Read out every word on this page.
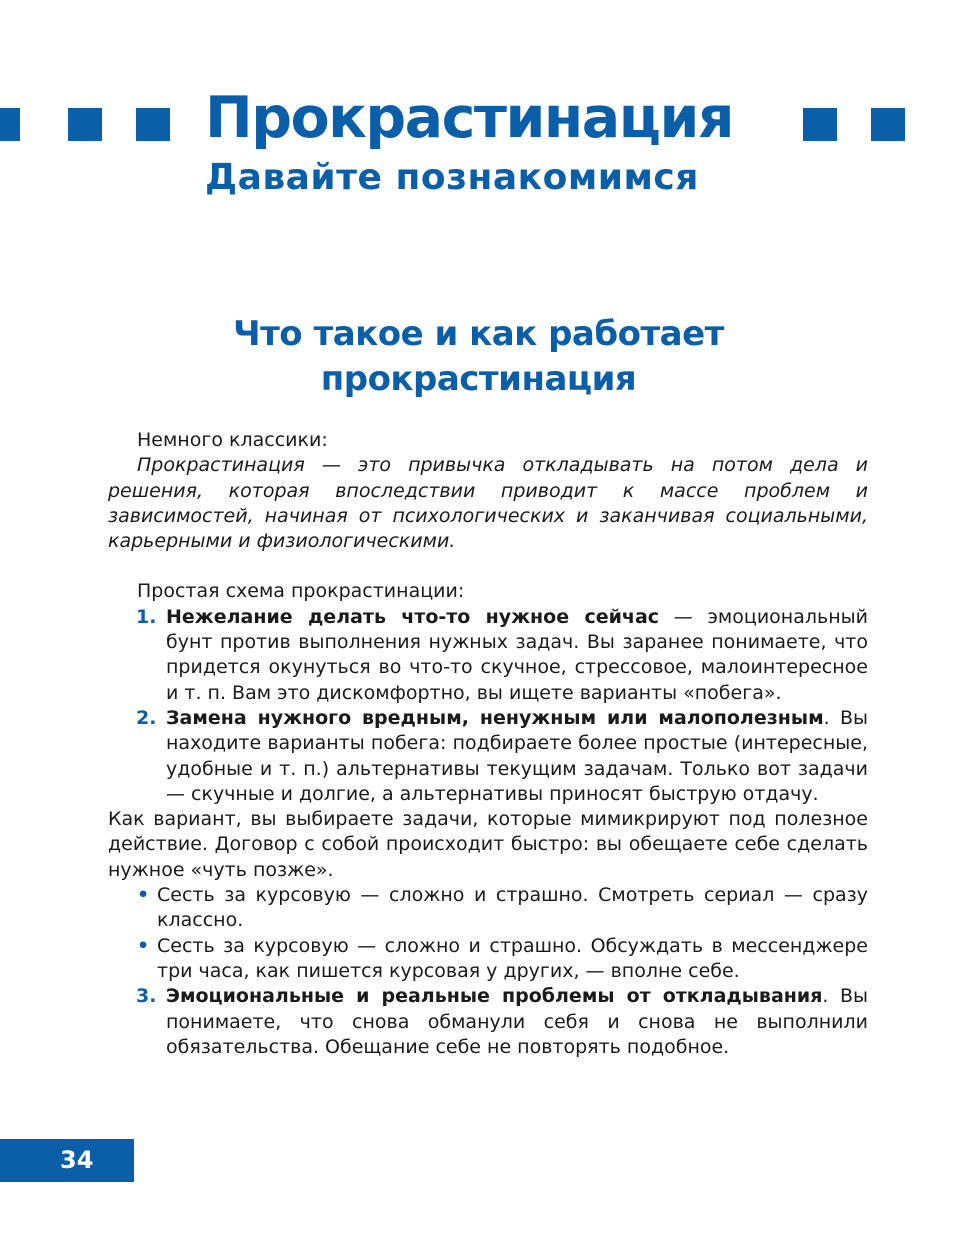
Прокрастинация
Давайте познакомимся
Что такое и как работает прокрастинация

Немного классики:

Прокрастинация — это привычка откладывать на потом дела и решения, которая впоследствии приводит к массе проблем и зависимостей, начиная от психологических и заканчивая социальными, карьерными и физиологическими.

Простая схема прокрастинации:

1. Нежелание делать что-то нужное сейчас — эмоциональный бунт против выполнения нужных задач. Вы заранее понимаете, что придется окунуться во что-то скучное, стрессовое, малоинтересное и т. п. Вам это дискомфортно, вы ищете варианты «побега».
2. Замена нужного вредным, ненужным или малополезным. Вы находите варианты побега: подбираете более простые (интересные, удобные и т. п.) альтернативы текущим задачам. Только вот задачи — скучные и долгие, а альтернативы приносят быструю отдачу.

Как вариант, вы выбираете задачи, которые мимикрируют под полезное действие. Договор с собой происходит быстро: вы обещаете себе сделать нужное «чуть позже».

• Сесть за курсовую — сложно и страшно. Смотреть сериал — сразу классно.
• Сесть за курсовую — сложно и страшно. Обсуждать в мессенджере три часа, как пишется курсовая у других, — вполне себе.
3. Эмоциональные и реальные проблемы от откладывания. Вы понимаете, что снова обманули себя и снова не выполнили обязательства. Обещание себе не повторять подобное.
34
